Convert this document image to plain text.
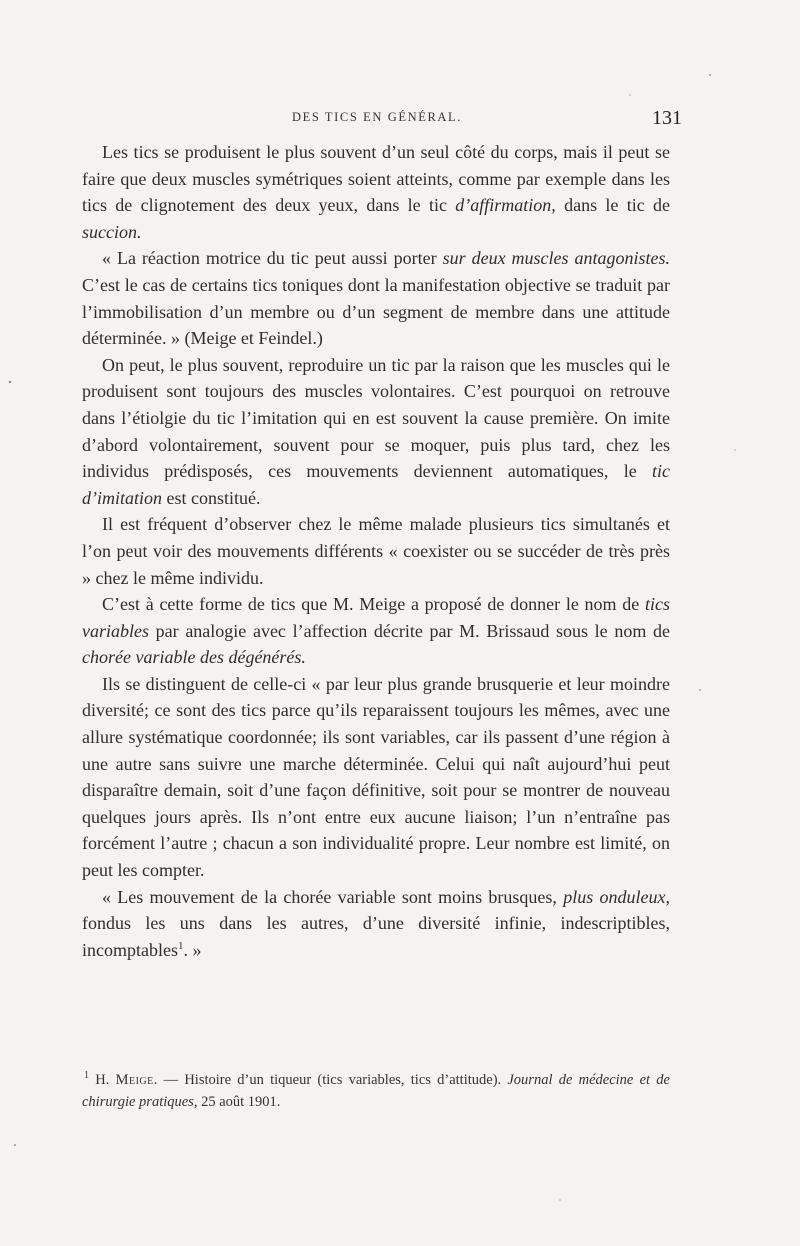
DES TICS EN GÉNÉRAL.	131

Les tics se produisent le plus souvent d’un seul côté du corps, mais il peut se faire que deux muscles symétriques soient atteints, comme par exemple dans les tics de clignotement des deux yeux, dans le tic d’affirmation, dans le tic de succion.

« La réaction motrice du tic peut aussi porter sur deux muscles antagonistes. C’est le cas de certains tics toniques dont la manifestation objective se traduit par l’immobilisation d’un membre ou d’un segment de membre dans une attitude déterminée. » (Meige et Feindel.)

On peut, le plus souvent, reproduire un tic par la raison que les muscles qui le produisent sont toujours des muscles volontaires. C’est pourquoi on retrouve dans l’étiolgie du tic l’imitation qui en est souvent la cause première. On imite d’abord volontairement, souvent pour se moquer, puis plus tard, chez les individus prédisposés, ces mouvements deviennent automatiques, le tic d’imitation est constitué.

Il est fréquent d’observer chez le même malade plusieurs tics simultanés et l’on peut voir des mouvements différents « coexister ou se succéder de très près » chez le même individu.

C’est à cette forme de tics que M. Meige a proposé de donner le nom de tics variables par analogie avec l’affection décrite par M. Brissaud sous le nom de chorée variable des dégénérés.

Ils se distinguent de celle-ci « par leur plus grande brusquerie et leur moindre diversité; ce sont des tics parce qu’ils reparaissent toujours les mêmes, avec une allure systématique coordonnée; ils sont variables, car ils passent d’une région à une autre sans suivre une marche déterminée. Celui qui naît aujourd’hui peut disparaître demain, soit d’une façon définitive, soit pour se montrer de nouveau quelques jours après. Ils n’ont entre eux aucune liaison; l’un n’entraîne pas forcément l’autre ; chacun a son individualité propre. Leur nombre est limité, on peut les compter.

« Les mouvement de la chorée variable sont moins brusques, plus onduleux, fondus les uns dans les autres, d’une diversité infinie, indescriptibles, incomptables$^1$. »

$^1$ H. Meige. — Histoire d’un tiqueur (tics variables, tics d’attitude). Journal de médecine et de chirurgie pratiques, 25 août 1901.
